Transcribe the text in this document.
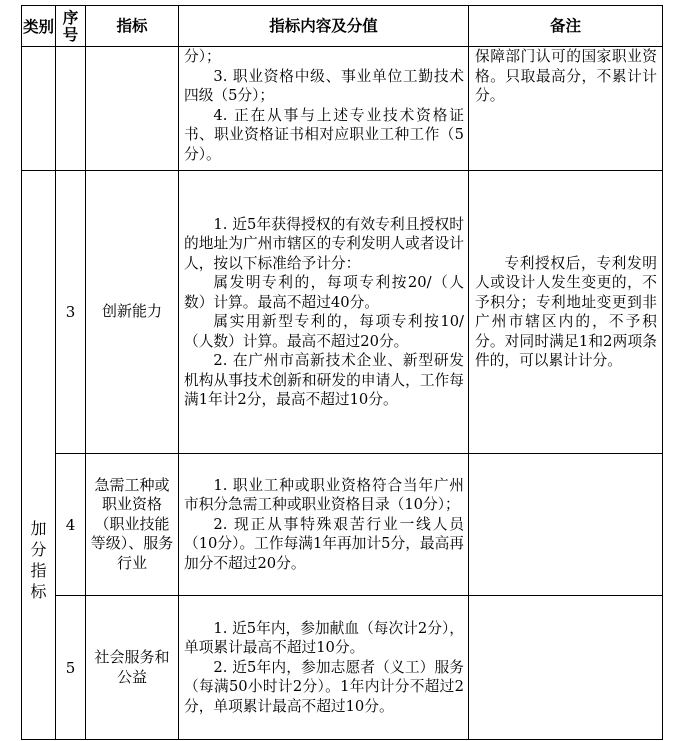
类别	序号	指标	指标内容及分值	备注

			分）；

3. 职业资格中级、事业单位工勤技术四级（5分）；

4. 正在从事与上述专业技术资格证书、职业资格证书相对应职业工种工作（5分）。	保障部门认可的国家职业资格。只取最高分，不累计计分。

加分指标	3	创新能力	1. 近5年获得授权的有效专利且授权时的地址为广州市辖区的专利发明人或者设计人，按以下标准给予计分：

属发明专利的，每项专利按20/（人数）计算。最高不超过40分。

属实用新型专利的，每项专利按10/（人数）计算。最高不超过20分。

2. 在广州市高新技术企业、新型研发机构从事技术创新和研发的申请人，工作每满1年计2分，最高不超过10分。	专利授权后，专利发明人或设计人发生变更的，不予积分；专利地址变更到非广州市辖区内的，不予积分。对同时满足1和2两项条件的，可以累计计分。

	4	急需工种或职业资格（职业技能等级）、服务行业	1. 职业工种或职业资格符合当年广州市积分急需工种或职业资格目录（10分）；

2. 现正从事特殊艰苦行业一线人员（10分）。工作每满1年再加计5分，最高再加分不超过20分。	

	5	社会服务和公益	1. 近5年内，参加献血（每次计2分），单项累计最高不超过10分。

2. 近5年内，参加志愿者（义工）服务（每满50小时计2分）。1年内计分不超过2分，单项累计最高不超过10分。	
